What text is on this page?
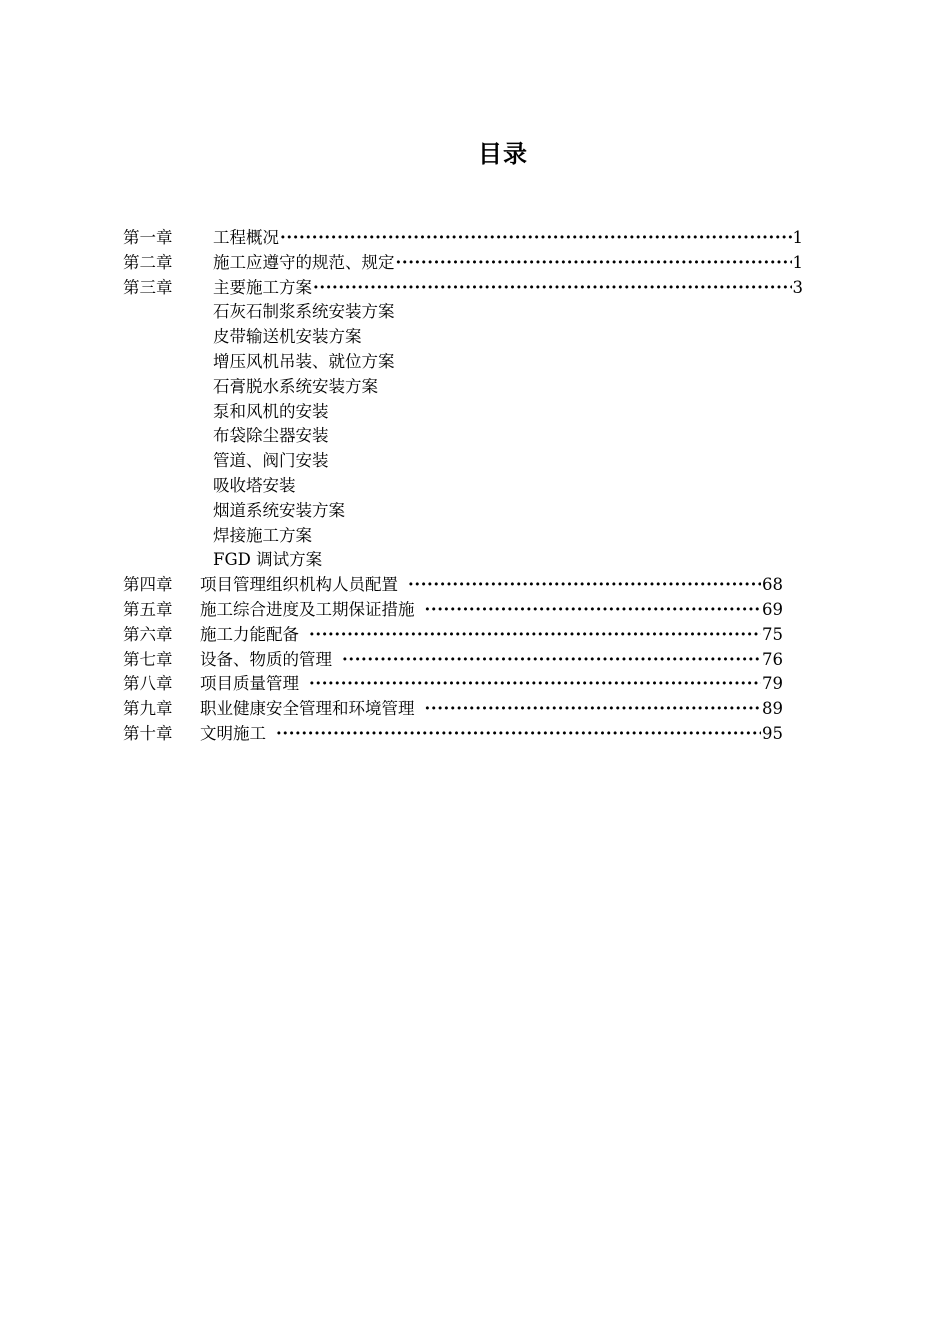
目录
第一章	工程概况 ·····	1
第二章	施工应遵守的规范、规定 ·····	1
第三章	主要施工方案 ·····	3
石灰石制浆系统安装方案
皮带输送机安装方案
增压风机吊装、就位方案
石膏脱水系统安装方案
泵和风机的安装
布袋除尘器安装
管道、阀门安装
吸收塔安装
烟道系统安装方案
焊接施工方案
FGD 调试方案
第四章	项目管理组织机构人员配置 ·····	68
第五章	施工综合进度及工期保证措施 ·····	69
第六章	施工力能配备 ·····	75
第七章	设备、物质的管理 ·····	76
第八章	项目质量管理 ·····	79
第九章	职业健康安全管理和环境管理 ·····	89
第十章	文明施工 ·····	95
